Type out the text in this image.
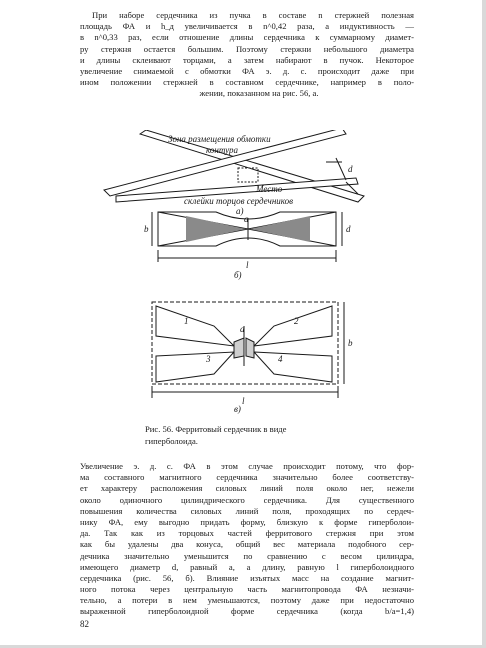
При наборе сердечника из пучка в составе n стержней полезная
площадь ФА и h_д увеличивается в n^0,42 раза, а индуктивность —
в n^0,33 раз, если отношение длины сердечника к суммарному диамет-
ру стержня остается большим. Поэтому стержни небольшого диаметра
и длины склеивают торцами, а затем набирают в пучок. Некоторое
увеличение снимаемой с обмотки ФА э. д. с. происходит даже при
ином положении стержней в составном сердечнике, например в поло-
жении, показанном на рис. 56, а.
Зона размещения обмотки
контура
Место
склейки торцов сердечников
а)
б)
в)
a
b	d
l
d
a
b
l
1	2
3	4
Рис. 56. Ферритовый сердечник в виде
гиперболоида.
Увеличение э. д. с. ФА в этом случае происходит потому, что фор-
ма составного магнитного сердечника значительно более соответству-
ет характеру расположения силовых линий поля около нег, нежели
около одиночного цилиндрического сердечника. Для существенного
повышения количества силовых линий поля, проходящих по сердеч-
нику ФА, ему выгодно придать форму, близкую к форме гиперболои-
да. Так как из торцовых частей ферритового стержня при этом
как бы удалены два конуса, общий вес материала подобного сер-
дечника значительно уменьшится по сравнению с весом цилиндра,
имеющего диаметр d, равный a, а длину, равную l гиперболоидного
сердечника (рис. 56, б). Влияние изъятых масс на создание магнит-
ного потока через центральную часть магнитопровода ФА незначи-
тельно, а потери в нем уменьшаются, поэтому даже при недостаточно
выраженной гиперболоидной форме сердечника (когда b/a=1,4)
82
